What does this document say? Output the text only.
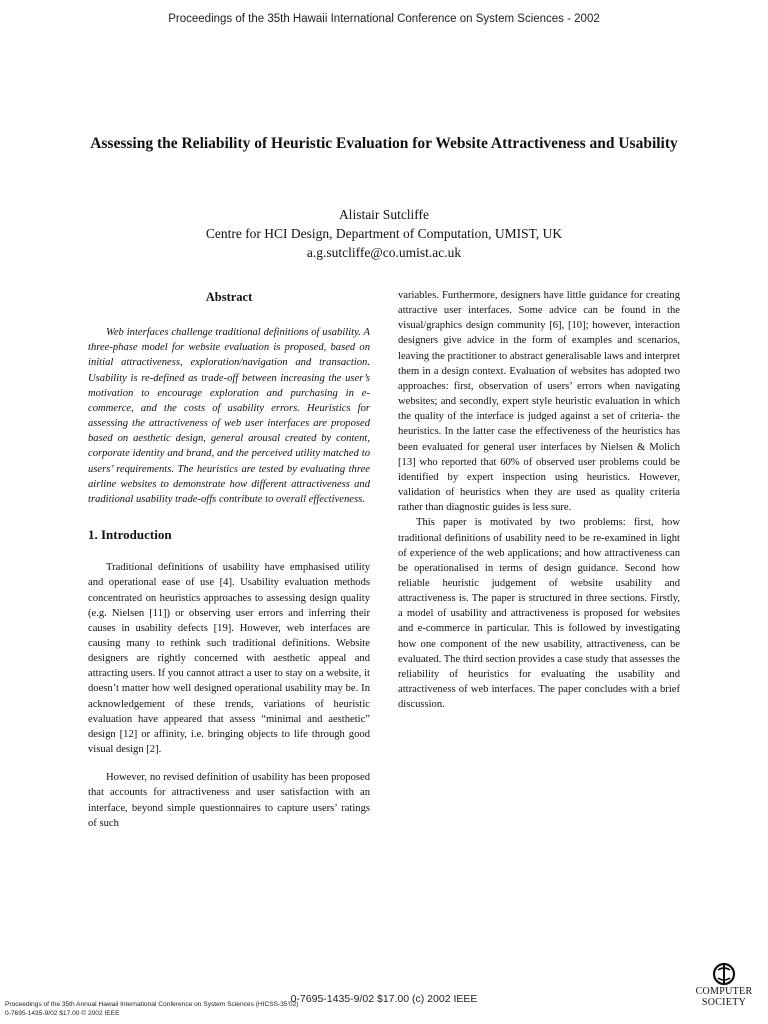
Proceedings of the 35th Hawaii International Conference on System Sciences - 2002
Assessing the Reliability of Heuristic Evaluation for Website Attractiveness and Usability
Alistair Sutcliffe
Centre for HCI Design, Department of Computation, UMIST, UK
a.g.sutcliffe@co.umist.ac.uk
Abstract

Web interfaces challenge traditional definitions of usability. A three-phase model for website evaluation is proposed, based on initial attractiveness, exploration/navigation and transaction. Usability is re-defined as trade-off between increasing the user’s motivation to encourage exploration and purchasing in e-commerce, and the costs of usability errors. Heuristics for assessing the attractiveness of web user interfaces are proposed based on aesthetic design, general arousal created by content, corporate identity and brand, and the perceived utility matched to users’ requirements. The heuristics are tested by evaluating three airline websites to demonstrate how different attractiveness and traditional usability trade-offs contribute to overall effectiveness.

1. Introduction

Traditional definitions of usability have emphasised utility and operational ease of use [4]. Usability evaluation methods concentrated on heuristics approaches to assessing design quality (e.g. Nielsen [11]) or observing user errors and inferring their causes in usability defects [19]. However, web interfaces are causing many to rethink such traditional definitions. Website designers are rightly concerned with aesthetic appeal and attracting users. If you cannot attract a user to stay on a website, it doesn’t matter how well designed operational usability may be. In acknowledgement of these trends, variations of heuristic evaluation have appeared that assess “minimal and aesthetic” design [12] or affinity, i.e. bringing objects to life through good visual design [2].

However, no revised definition of usability has been proposed that accounts for attractiveness and user satisfaction with an interface, beyond simple questionnaires to capture users’ ratings of such

variables. Furthermore, designers have little guidance for creating attractive user interfaces. Some advice can be found in the visual/graphics design community [6], [10]; however, interaction designers give advice in the form of examples and scenarios, leaving the practitioner to abstract generalisable laws and interpret them in a design context. Evaluation of websites has adopted two approaches: first, observation of users’ errors when navigating websites; and secondly, expert style heuristic evaluation in which the quality of the interface is judged against a set of criteria- the heuristics. In the latter case the effectiveness of the heuristics has been evaluated for general user interfaces by Nielsen & Molich [13] who reported that 60% of observed user problems could be identified by expert inspection using heuristics. However, validation of heuristics when they are used as quality criteria rather than diagnostic guides is less sure.

This paper is motivated by two problems: first, how traditional definitions of usability need to be re-examined in light of experience of the web applications; and how attractiveness can be operationalised in terms of design guidance. Second how reliable heuristic judgement of website usability and attractiveness is. The paper is structured in three sections. Firstly, a model of usability and attractiveness is proposed for websites and e-commerce in particular. This is followed by investigating how one component of the new usability, attractiveness, can be evaluated. The third section provides a case study that assesses the reliability of heuristics for evaluating the usability and attractiveness of web interfaces. The paper concludes with a brief discussion.

0-7695-1435-9/02 $17.00 (c) 2002 IEEE
Proceedings of the 35th Annual Hawaii International Conference on System Sciences (HICSS-35’02)
0-7695-1435-9/02 $17.00 © 2002 IEEE
COMPUTER
SOCIETY
